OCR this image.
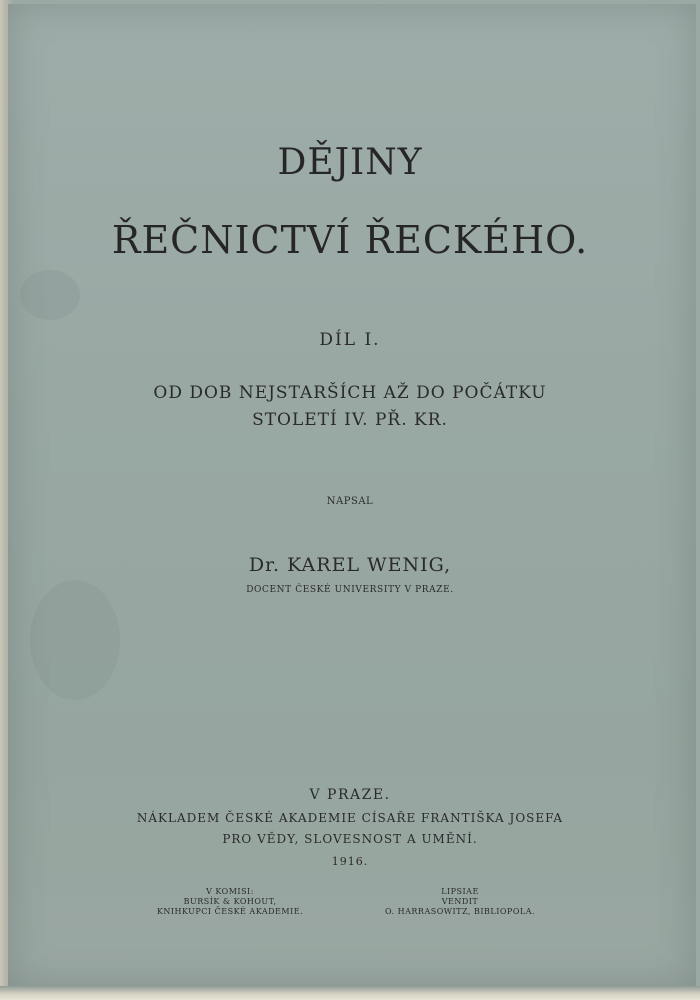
DĚJINY
ŘEČNICTVÍ ŘECKÉHO.
DÍL I.
OD DOB NEJSTARŠÍCH AŽ DO POČÁTKU
STOLETÍ IV. PŘ. KR.
NAPSAL
Dr. KAREL WENIG,
DOCENT ČESKÉ UNIVERSITY V PRAZE.
V PRAZE.
NÁKLADEM ČESKÉ AKADEMIE CÍSAŘE FRANTIŠKA JOSEFA
PRO VĚDY, SLOVESNOST A UMĚNÍ.
1916.
V KOMISI:
BURSÍK & KOHOUT,
KNIHKUPCI ČESKÉ AKADEMIE.
LIPSIAE
VENDIT
O. HARRASOWITZ, BIBLIOPOLA.
